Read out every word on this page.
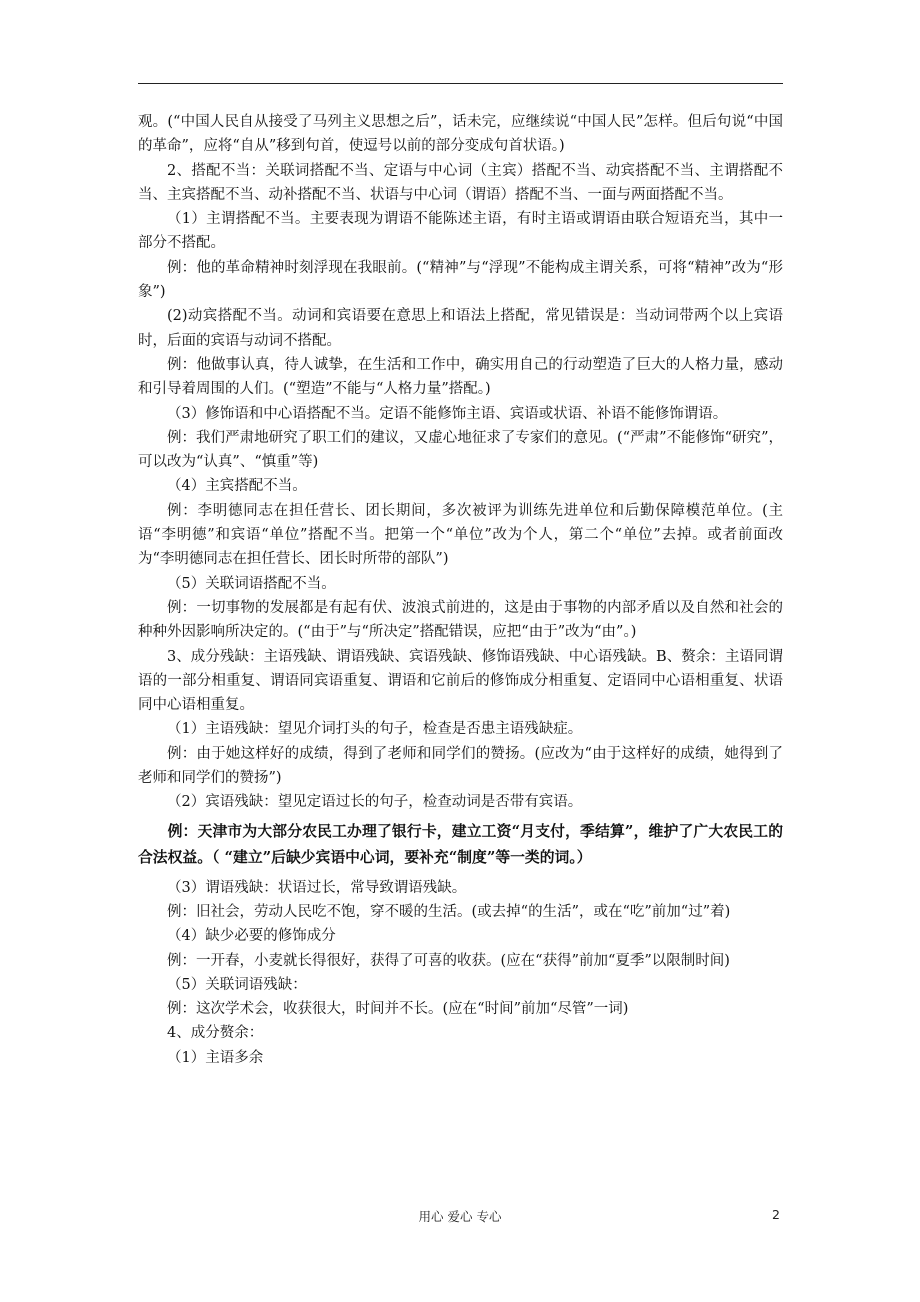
观。(“中国人民自从接受了马列主义思想之后”，话未完，应继续说“中国人民”怎样。但后句说“中国的革命”，应将“自从”移到句首，使逗号以前的部分变成句首状语。)

2、搭配不当：关联词搭配不当、定语与中心词（主宾）搭配不当、动宾搭配不当、主谓搭配不当、主宾搭配不当、动补搭配不当、状语与中心词（谓语）搭配不当、一面与两面搭配不当。

（1）主谓搭配不当。主要表现为谓语不能陈述主语，有时主语或谓语由联合短语充当，其中一部分不搭配。

例：他的革命精神时刻浮现在我眼前。(“精神”与“浮现”不能构成主谓关系，可将“精神”改为“形象”)

(2)动宾搭配不当。动词和宾语要在意思上和语法上搭配，常见错误是：当动词带两个以上宾语时，后面的宾语与动词不搭配。

例：他做事认真，待人诚挚，在生活和工作中，确实用自己的行动塑造了巨大的人格力量，感动和引导着周围的人们。(“塑造”不能与“人格力量”搭配。)

（3）修饰语和中心语搭配不当。定语不能修饰主语、宾语或状语、补语不能修饰谓语。

例：我们严肃地研究了职工们的建议，又虚心地征求了专家们的意见。(“严肃”不能修饰“研究”，可以改为“认真”、“慎重”等)

（4）主宾搭配不当。

例：李明德同志在担任营长、团长期间，多次被评为训练先进单位和后勤保障模范单位。(主语“李明德”和宾语“单位”搭配不当。把第一个“单位”改为个人，第二个“单位”去掉。或者前面改为“李明德同志在担任营长、团长时所带的部队”)

（5）关联词语搭配不当。

例：一切事物的发展都是有起有伏、波浪式前进的，这是由于事物的内部矛盾以及自然和社会的种种外因影响所决定的。(“由于”与“所决定”搭配错误，应把“由于”改为“由”。)

3、成分残缺：主语残缺、谓语残缺、宾语残缺、修饰语残缺、中心语残缺。B、赘余：主语同谓语的一部分相重复、谓语同宾语重复、谓语和它前后的修饰成分相重复、定语同中心语相重复、状语同中心语相重复。

（1）主语残缺：望见介词打头的句子，检查是否患主语残缺症。

例：由于她这样好的成绩，得到了老师和同学们的赞扬。(应改为“由于这样好的成绩，她得到了老师和同学们的赞扬”)

（2）宾语残缺：望见定语过长的句子，检查动词是否带有宾语。

例：天津市为大部分农民工办理了银行卡，建立工资“月支付，季结算”，维护了广大农民工的合法权益。（ “建立”后缺少宾语中心词，要补充“制度”等一类的词。）

（3）谓语残缺：状语过长，常导致谓语残缺。

例：旧社会，劳动人民吃不饱，穿不暖的生活。(或去掉“的生活”，或在“吃”前加“过”着)

（4）缺少必要的修饰成分

例：一开春，小麦就长得很好，获得了可喜的收获。(应在“获得”前加“夏季”以限制时间)

（5）关联词语残缺：

例：这次学术会，收获很大，时间并不长。(应在“时间”前加“尽管”一词)

4、成分赘余：

（1）主语多余

用心 爱心 专心	2
